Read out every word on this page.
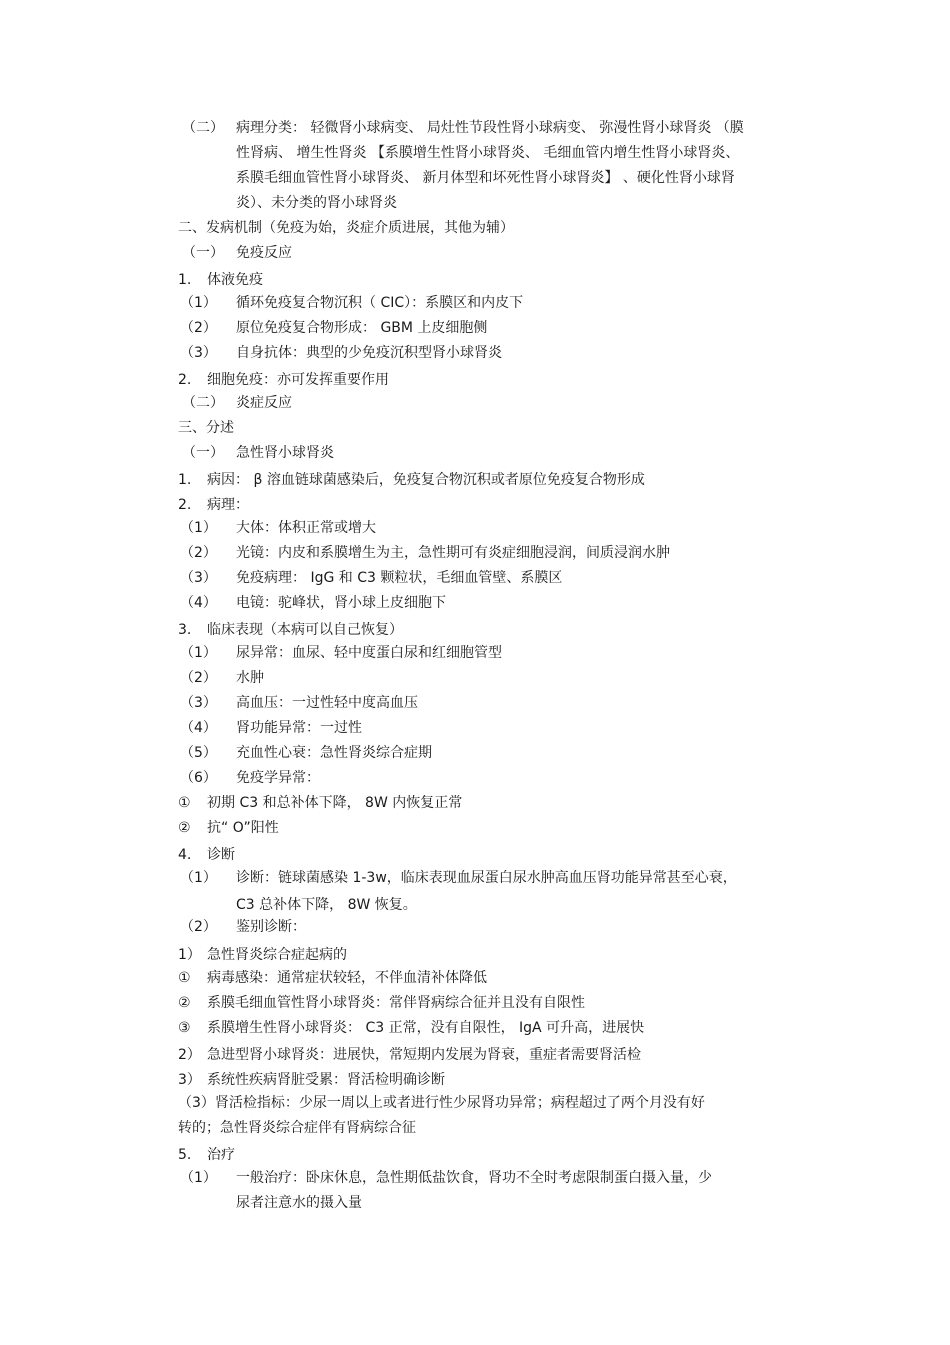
（二） 病理分类： 轻微肾小球病变、 局灶性节段性肾小球病变、 弥漫性肾小球肾炎 （膜
性肾病、 增生性肾炎 【系膜增生性肾小球肾炎、 毛细血管内增生性肾小球肾炎、
系膜毛细血管性肾小球肾炎、 新月体型和坏死性肾小球肾炎】 、硬化性肾小球肾
炎）、未分类的肾小球肾炎
二、发病机制（免疫为始，炎症介质进展，其他为辅）
（一） 免疫反应
1. 体液免疫
（1） 循环免疫复合物沉积（ CIC）：系膜区和内皮下
（2） 原位免疫复合物形成： GBM 上皮细胞侧
（3） 自身抗体：典型的少免疫沉积型肾小球肾炎
2. 细胞免疫：亦可发挥重要作用
（二） 炎症反应
三、分述
（一） 急性肾小球肾炎
1. 病因： β 溶血链球菌感染后，免疫复合物沉积或者原位免疫复合物形成
2. 病理：
（1） 大体：体积正常或增大
（2） 光镜：内皮和系膜增生为主，急性期可有炎症细胞浸润，间质浸润水肿
（3） 免疫病理： IgG 和 C3 颗粒状，毛细血管壁、系膜区
（4） 电镜：驼峰状，肾小球上皮细胞下
3. 临床表现（本病可以自己恢复）
（1） 尿异常：血尿、轻中度蛋白尿和红细胞管型
（2） 水肿
（3） 高血压：一过性轻中度高血压
（4） 肾功能异常：一过性
（5） 充血性心衰：急性肾炎综合症期
（6） 免疫学异常：
① 初期 C3 和总补体下降， 8W 内恢复正常
② 抗“ O”阳性
4. 诊断
（1） 诊断：链球菌感染 1-3w，临床表现血尿蛋白尿水肿高血压肾功能异常甚至心衰，
C3 总补体下降， 8W 恢复。
（2） 鉴别诊断：
1） 急性肾炎综合症起病的
① 病毒感染：通常症状较轻，不伴血清补体降低
② 系膜毛细血管性肾小球肾炎：常伴肾病综合征并且没有自限性
③ 系膜增生性肾小球肾炎： C3 正常，没有自限性， IgA 可升高，进展快
2） 急进型肾小球肾炎：进展快，常短期内发展为肾衰，重症者需要肾活检
3） 系统性疾病肾脏受累：肾活检明确诊断
（3）肾活检指标：少尿一周以上或者进行性少尿肾功异常；病程超过了两个月没有好
转的；急性肾炎综合症伴有肾病综合征
5. 治疗
（1） 一般治疗：卧床休息，急性期低盐饮食，肾功不全时考虑限制蛋白摄入量，少
尿者注意水的摄入量
